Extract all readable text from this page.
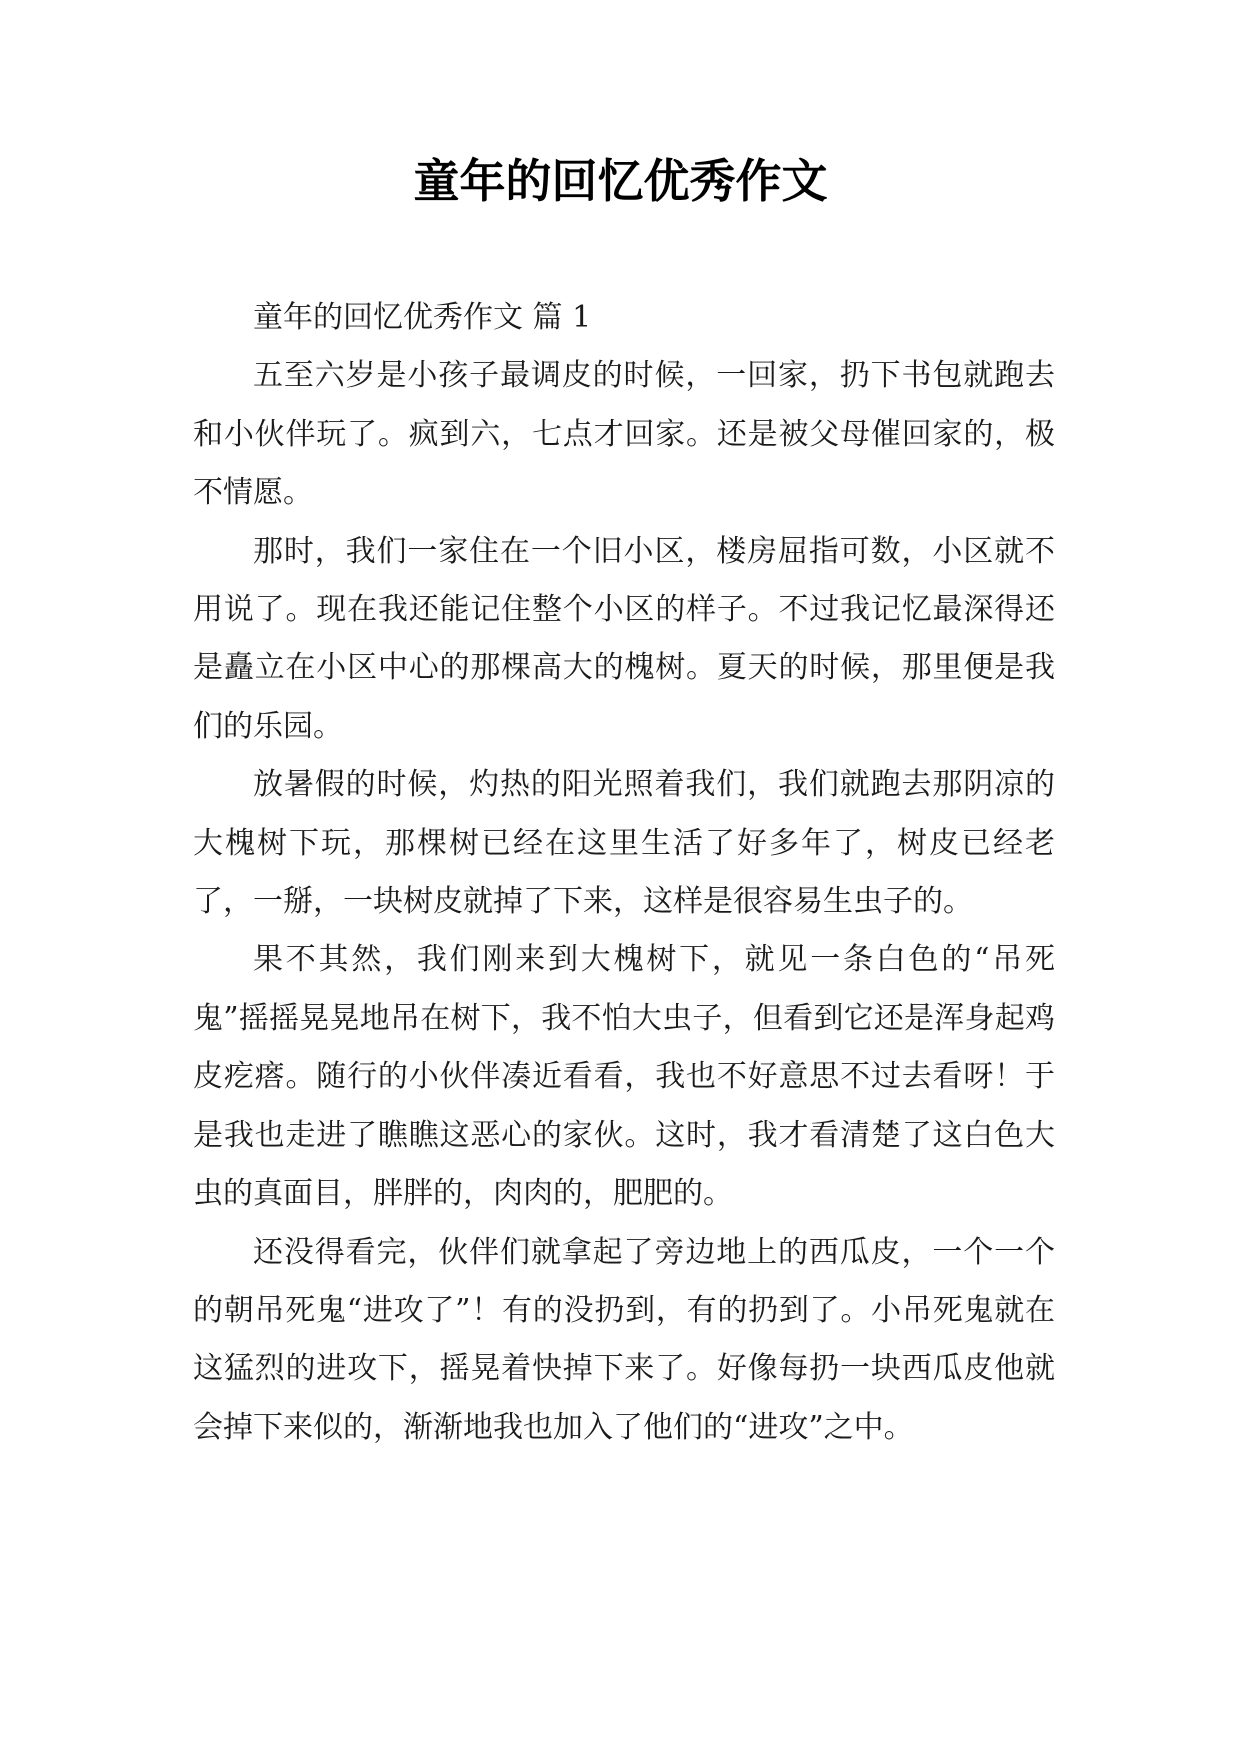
童年的回忆优秀作文

童年的回忆优秀作文 篇 1

五至六岁是小孩子最调皮的时候，一回家，扔下书包就跑去和小伙伴玩了。疯到六，七点才回家。还是被父母催回家的，极不情愿。

那时，我们一家住在一个旧小区，楼房屈指可数，小区就不用说了。现在我还能记住整个小区的样子。不过我记忆最深得还是矗立在小区中心的那棵高大的槐树。夏天的时候，那里便是我们的乐园。

放暑假的时候，灼热的阳光照着我们，我们就跑去那阴凉的大槐树下玩，那棵树已经在这里生活了好多年了，树皮已经老了，一掰，一块树皮就掉了下来，这样是很容易生虫子的。

果不其然，我们刚来到大槐树下，就见一条白色的“吊死鬼”摇摇晃晃地吊在树下，我不怕大虫子，但看到它还是浑身起鸡皮疙瘩。随行的小伙伴凑近看看，我也不好意思不过去看呀！于是我也走进了瞧瞧这恶心的家伙。这时，我才看清楚了这白色大虫的真面目，胖胖的，肉肉的，肥肥的。

还没得看完，伙伴们就拿起了旁边地上的西瓜皮，一个一个的朝吊死鬼“进攻了”！有的没扔到，有的扔到了。小吊死鬼就在这猛烈的进攻下，摇晃着快掉下来了。好像每扔一块西瓜皮他就会掉下来似的，渐渐地我也加入了他们的“进攻”之中。
